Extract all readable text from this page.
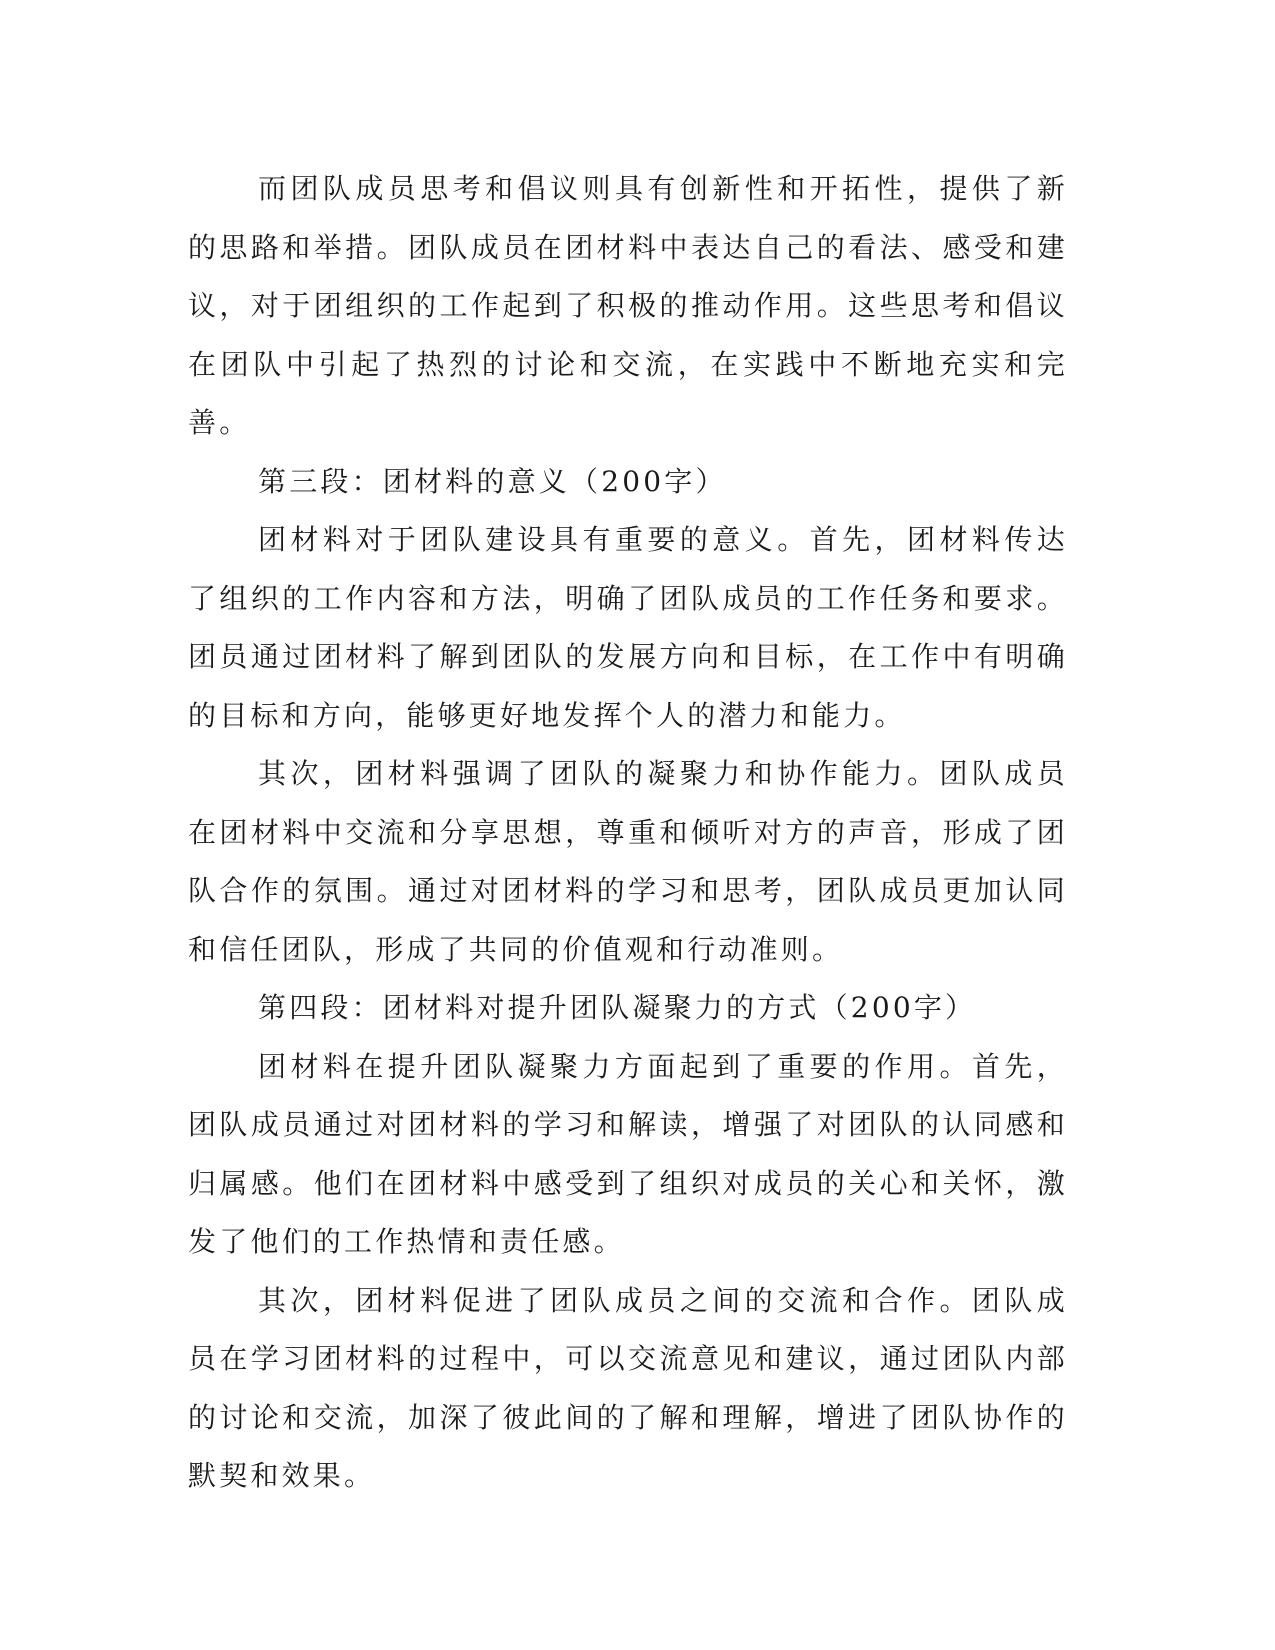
而团队成员思考和倡议则具有创新性和开拓性，提供了新的思路和举措。团队成员在团材料中表达自己的看法、感受和建议，对于团组织的工作起到了积极的推动作用。这些思考和倡议在团队中引起了热烈的讨论和交流，在实践中不断地充实和完善。

第三段：团材料的意义（200字）

团材料对于团队建设具有重要的意义。首先，团材料传达了组织的工作内容和方法，明确了团队成员的工作任务和要求。团员通过团材料了解到团队的发展方向和目标，在工作中有明确的目标和方向，能够更好地发挥个人的潜力和能力。

其次，团材料强调了团队的凝聚力和协作能力。团队成员在团材料中交流和分享思想，尊重和倾听对方的声音，形成了团队合作的氛围。通过对团材料的学习和思考，团队成员更加认同和信任团队，形成了共同的价值观和行动准则。

第四段：团材料对提升团队凝聚力的方式（200字）

团材料在提升团队凝聚力方面起到了重要的作用。首先，团队成员通过对团材料的学习和解读，增强了对团队的认同感和归属感。他们在团材料中感受到了组织对成员的关心和关怀，激发了他们的工作热情和责任感。

其次，团材料促进了团队成员之间的交流和合作。团队成员在学习团材料的过程中，可以交流意见和建议，通过团队内部的讨论和交流，加深了彼此间的了解和理解，增进了团队协作的默契和效果。
